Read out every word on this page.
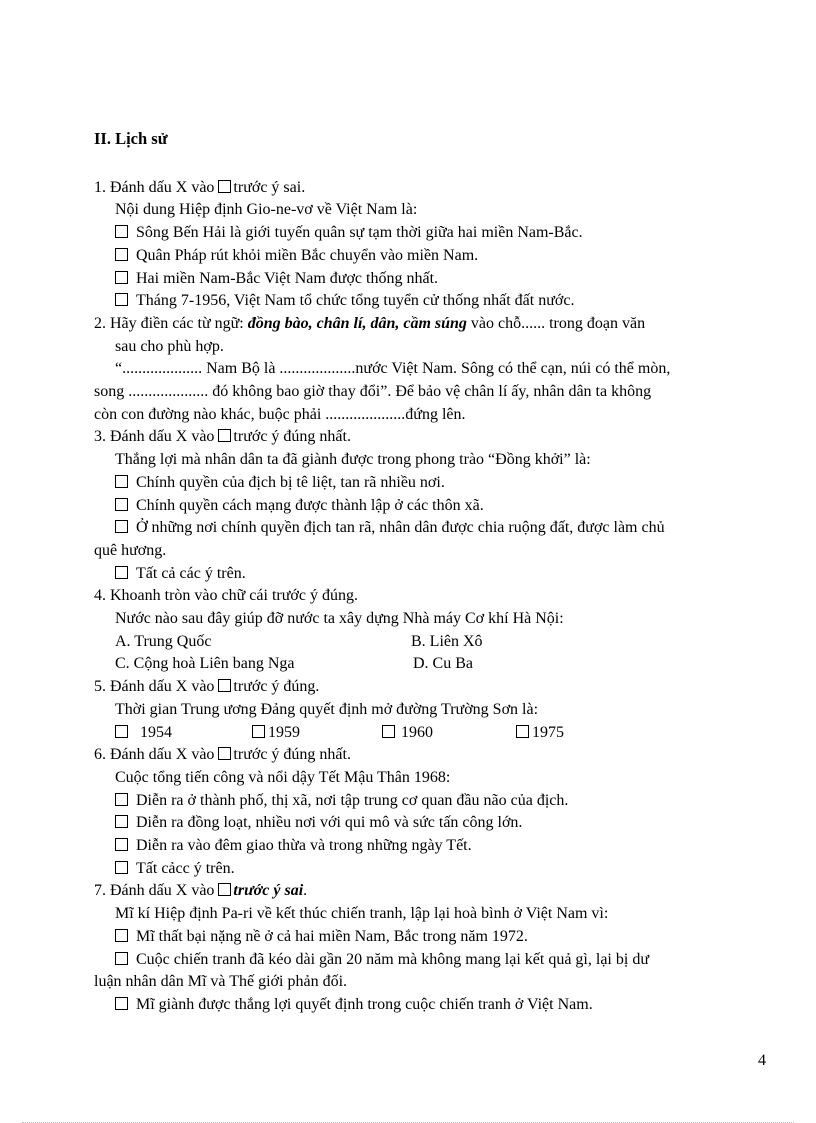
II. Lịch sử
1. Đánh dấu X vào trước ý sai.
Nội dung Hiệp định Gio-ne-vơ về Việt Nam là:
Sông Bến Hải là giới tuyến quân sự tạm thời giữa hai miền Nam-Bắc.
Quân Pháp rút khỏi miền Bắc chuyển vào miền Nam.
Hai miền Nam-Bắc Việt Nam được thống nhất.
Tháng 7-1956, Việt Nam tổ chức tổng tuyển cử thống nhất đất nước.
2. Hãy điền các từ ngữ: đồng bào, chân lí, dân, cầm súng vào chỗ...... trong đoạn văn
sau cho phù hợp.
“.................... Nam Bộ là ...................nước Việt Nam. Sông có thể cạn, núi có thể mòn,
song .................... đó không bao giờ thay đổi”. Để bảo vệ chân lí ấy, nhân dân ta không
còn con đường nào khác, buộc phải ....................đứng lên.
3. Đánh dấu X vào trước ý đúng nhất.
Thắng lợi mà nhân dân ta đã giành được trong phong trào “Đồng khởi” là:
Chính quyền của địch bị tê liệt, tan rã nhiều nơi.
Chính quyền cách mạng được thành lập ở các thôn xã.
Ở những nơi chính quyền địch tan rã, nhân dân được chia ruộng đất, được làm chủ
quê hương.
Tất cả các ý trên.
4. Khoanh tròn vào chữ cái trước ý đúng.
Nước nào sau đây giúp đỡ nước ta xây dựng Nhà máy Cơ khí Hà Nội:
A. Trung Quốc	B. Liên Xô
C. Cộng hoà Liên bang Nga	D. Cu Ba
5. Đánh dấu X vào trước ý đúng.
Thời gian Trung ương Đảng quyết định mở đường Trường Sơn là:
1954	1959	1960	1975
6. Đánh dấu X vào trước ý đúng nhất.
Cuộc tổng tiến công và nổi dậy Tết Mậu Thân 1968:
Diễn ra ở thành phố, thị xã, nơi tập trung cơ quan đầu não của địch.
Diễn ra đồng loạt, nhiều nơi với qui mô và sức tấn công lớn.
Diễn ra vào đêm giao thừa và trong những ngày Tết.
Tất cảcc ý trên.
7. Đánh dấu X vào trước ý sai.
Mĩ kí Hiệp định Pa-ri về kết thúc chiến tranh, lập lại hoà bình ở Việt Nam vì:
Mĩ thất bại nặng nề ở cả hai miền Nam, Bắc trong năm 1972.
Cuộc chiến tranh đã kéo dài gần 20 năm mà không mang lại kết quả gì, lại bị dư
luận nhân dân Mĩ và Thế giới phản đối.
Mĩ giành được thắng lợi quyết định trong cuộc chiến tranh ở Việt Nam.
4
